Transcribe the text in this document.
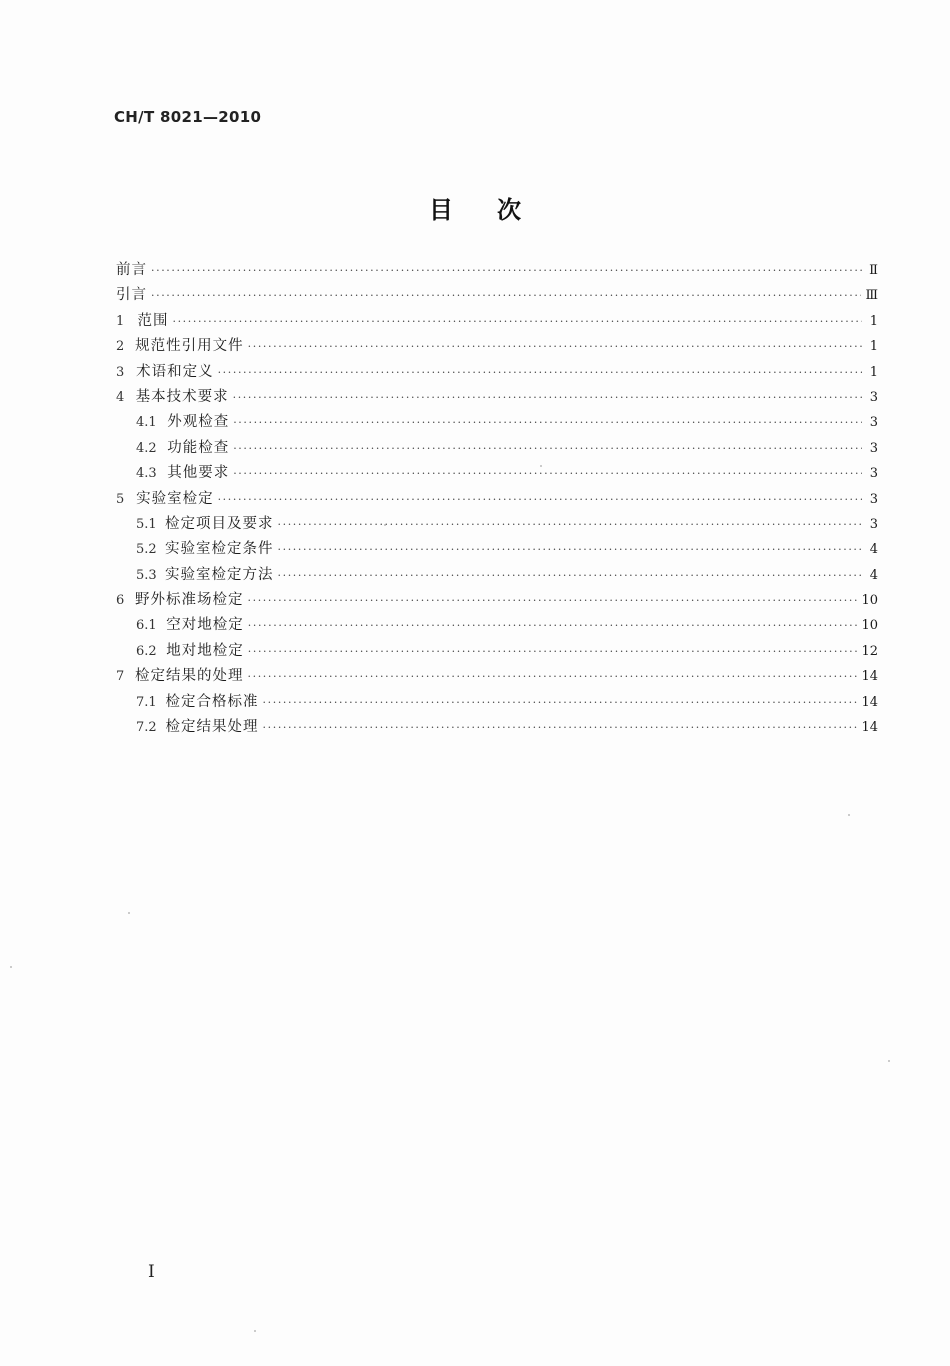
CH/T 8021—2010
目次
前言 ·····	Ⅱ
引言 ·····	Ⅲ
1 范围 ·····	1
2 规范性引用文件 ·····	1
3 术语和定义 ·····	1
4 基本技术要求 ·····	3
4.1 外观检查 ·····	3
4.2 功能检查 ·····	3
4.3 其他要求 ·····	3
5 实验室检定 ·····	3
5.1 检定项目及要求 ·····	3
5.2 实验室检定条件 ·····	4
5.3 实验室检定方法 ·····	4
6 野外标准场检定 ·····	10
6.1 空对地检定 ·····	10
6.2 地对地检定 ·····	12
7 检定结果的处理 ·····	14
7.1 检定合格标准 ·····	14
7.2 检定结果处理 ·····	14
I
